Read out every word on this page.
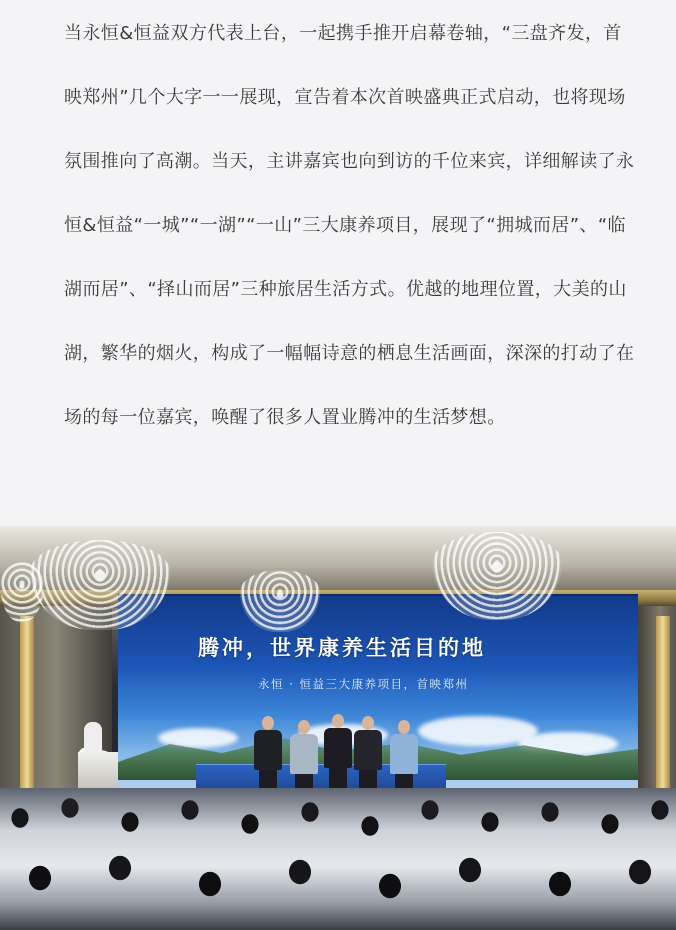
当永恒&恒益双方代表上台，一起携手推开启幕卷轴，“三盘齐发，首
映郑州”几个大字一一展现，宣告着本次首映盛典正式启动，也将现场
氛围推向了高潮。当天，主讲嘉宾也向到访的千位来宾，详细解读了永
恒&恒益“一城”“一湖”“一山”三大康养项目，展现了“拥城而居”、“临
湖而居”、“择山而居”三种旅居生活方式。优越的地理位置，大美的山
湖，繁华的烟火，构成了一幅幅诗意的栖息生活画面，深深的打动了在
场的每一位嘉宾，唤醒了很多人置业腾冲的生活梦想。
腾冲，世界康养生活目的地
永恒 · 恒益三大康养项目，首映郑州
